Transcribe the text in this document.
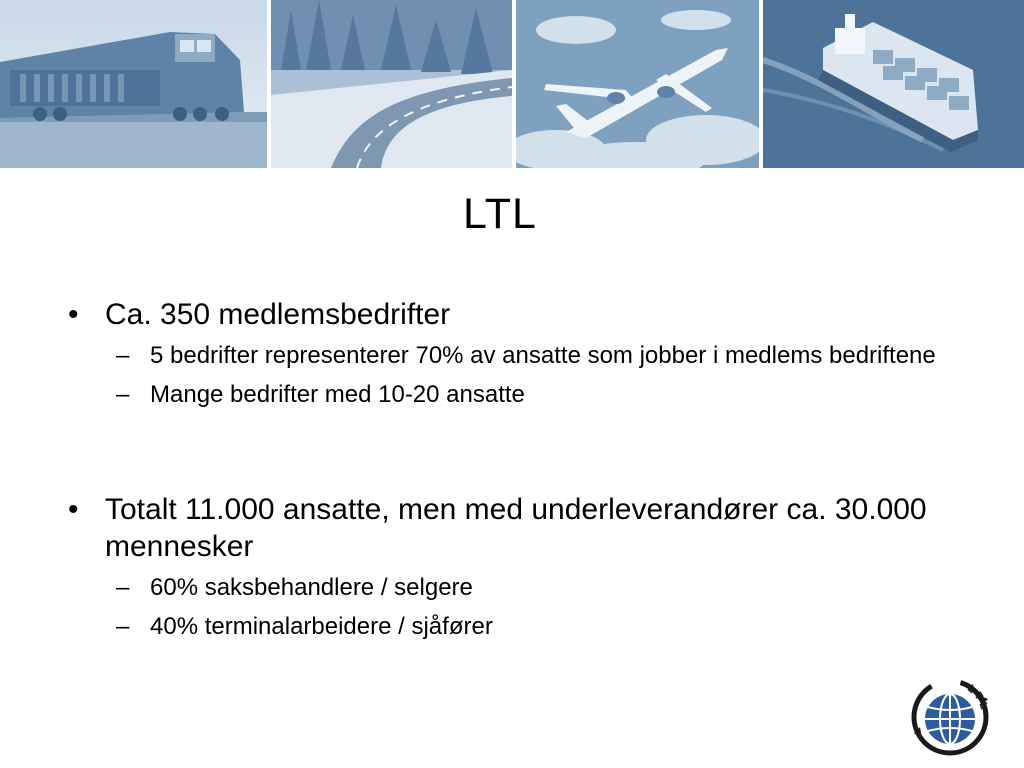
LTL
• Ca. 350 medlemsbedrifter
– 5 bedrifter representerer 70% av ansatte som jobber i medlems bedriftene
– Mange bedrifter med 10-20 ansatte
• Totalt 11.000 ansatte, men med underleverandører ca. 30.000 mennesker
– 60% saksbehandlere / selgere
– 40% terminalarbeidere / sjåfører
LTL
